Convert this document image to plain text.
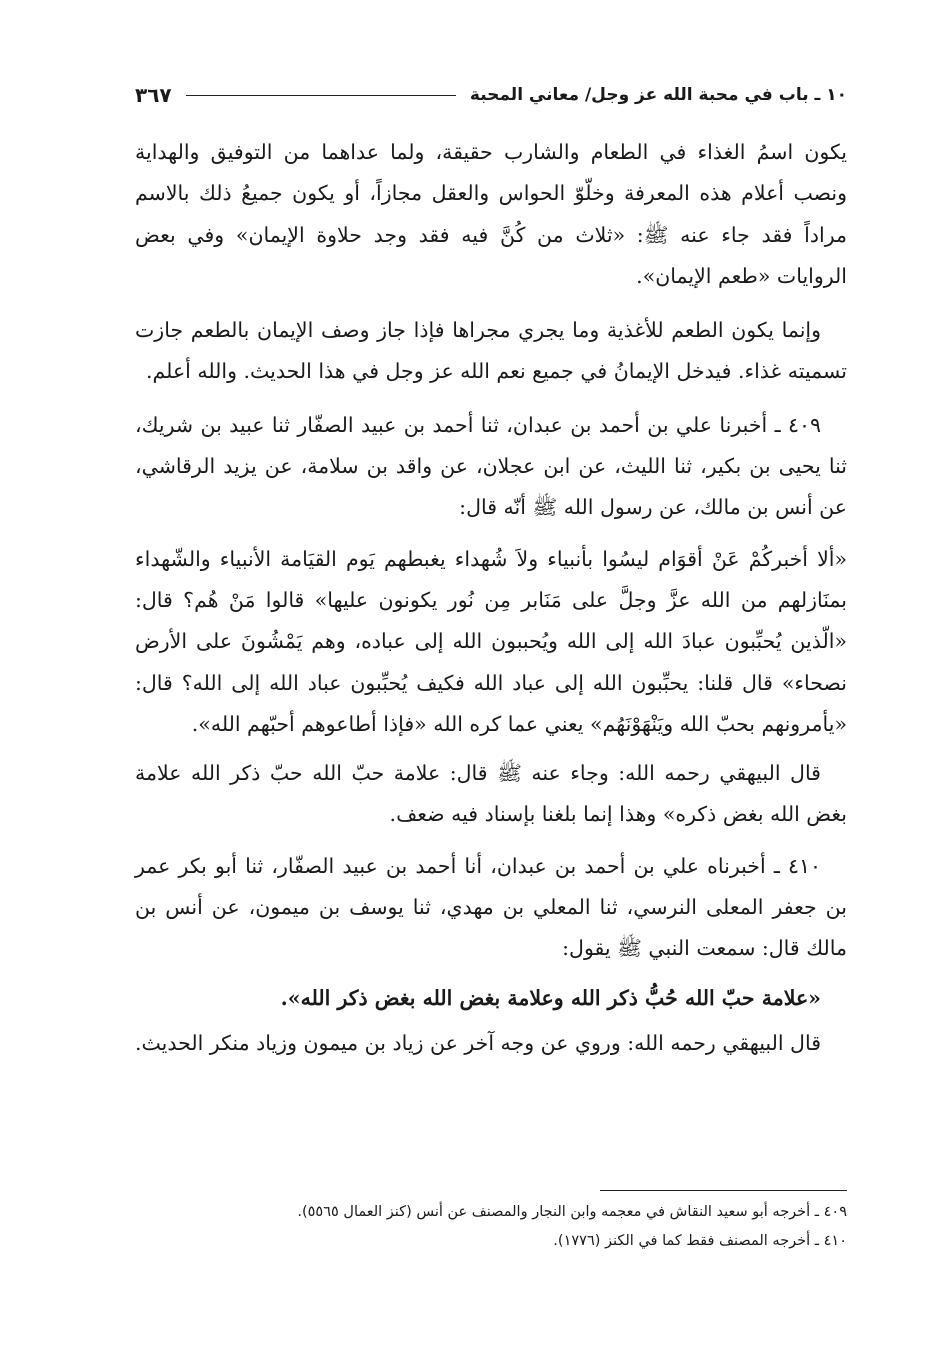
١٠ ـ باب في محبة الله عز وجل/ معاني المحبة
٣٦٧

يكون اسمُ الغذاء في الطعام والشارب حقيقة، ولما عداهما من التوفيق والهداية ونصب أعلام هذه المعرفة وخلّوّ الحواس والعقل مجازاً، أو يكون جميعُ ذلك بالاسم مراداً فقد جاء عنه ﷺ: «ثلاث من كُنَّ فيه فقد وجد حلاوة الإيمان» وفي بعض الروايات «طعم الإيمان».

وإنما يكون الطعم للأغذية وما يجري مجراها فإذا جاز وصف الإيمان بالطعم جازت تسميته غذاء. فيدخل الإيمانُ في جميع نعم الله عز وجل في هذا الحديث. والله أعلم.

٤٠٩ ـ أخبرنا علي بن أحمد بن عبدان، ثنا أحمد بن عبيد الصفّار ثنا عبيد بن شريك، ثنا يحيى بن بكير، ثنا الليث، عن ابن عجلان، عن واقد بن سلامة، عن يزيد الرقاشي، عن أنس بن مالك، عن رسول الله ﷺ أنّه قال:

«ألا أخبركُمْ عَنْ أقوَام ليسُوا بأنبياء ولاَ شُهداء يغبطهم يَوم القيَامة الأنبياء والشّهداء بمنَازلهم من الله عزَّ وجلَّ على مَنَابر مِن نُور يكونون عليها» قالوا مَنْ هُم؟ قال: «الّذين يُحبِّبون عبادَ الله إلى الله ويُحببون الله إلى عباده، وهم يَمْشُونَ على الأرض نصحاء» قال قلنا: يحبِّبون الله إلى عباد الله فكيف يُحبِّبون عباد الله إلى الله؟ قال: «يأمرونهم بحبّ الله ويَنْهَوْنَهُم» يعني عما كره الله «فإذا أطاعوهم أحبّهم الله».

قال البيهقي رحمه الله: وجاء عنه ﷺ قال: علامة حبّ الله حبّ ذكر الله علامة بغض الله بغض ذكره» وهذا إنما بلغنا بإسناد فيه ضعف.

٤١٠ ـ أخبرناه علي بن أحمد بن عبدان، أنا أحمد بن عبيد الصفّار، ثنا أبو بكر عمر بن جعفر المعلى النرسي، ثنا المعلي بن مهدي، ثنا يوسف بن ميمون، عن أنس بن مالك قال: سمعت النبي ﷺ يقول:

«علامة حبّ الله حُبُّ ذكر الله وعلامة بغض الله بغض ذكر الله».

قال البيهقي رحمه الله: وروي عن وجه آخر عن زياد بن ميمون وزياد منكر الحديث.

٤٠٩ ـ أخرجه أبو سعيد النقاش في معجمه وابن النجار والمصنف عن أنس (كنز العمال ٥٥٦٥).

٤١٠ ـ أخرجه المصنف فقط كما في الكنز (١٧٧٦).
